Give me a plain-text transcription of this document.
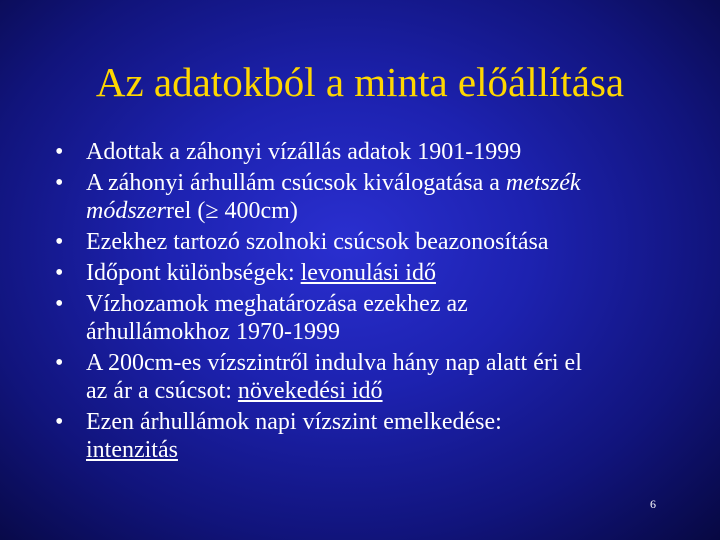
Az adatokból a minta előállítása
• Adottak a záhonyi vízállás adatok 1901-1999
• A záhonyi árhullám csúcsok kiválogatása a metszék
módszerrel (≥ 400cm)
• Ezekhez tartozó szolnoki csúcsok beazonosítása
• Időpont különbségek: levonulási idő
• Vízhozamok meghatározása ezekhez az
árhullámokhoz 1970-1999
• A 200cm-es vízszintről indulva hány nap alatt éri el
az ár a csúcsot: növekedési idő
• Ezen árhullámok napi vízszint emelkedése:
intenzitás
6
